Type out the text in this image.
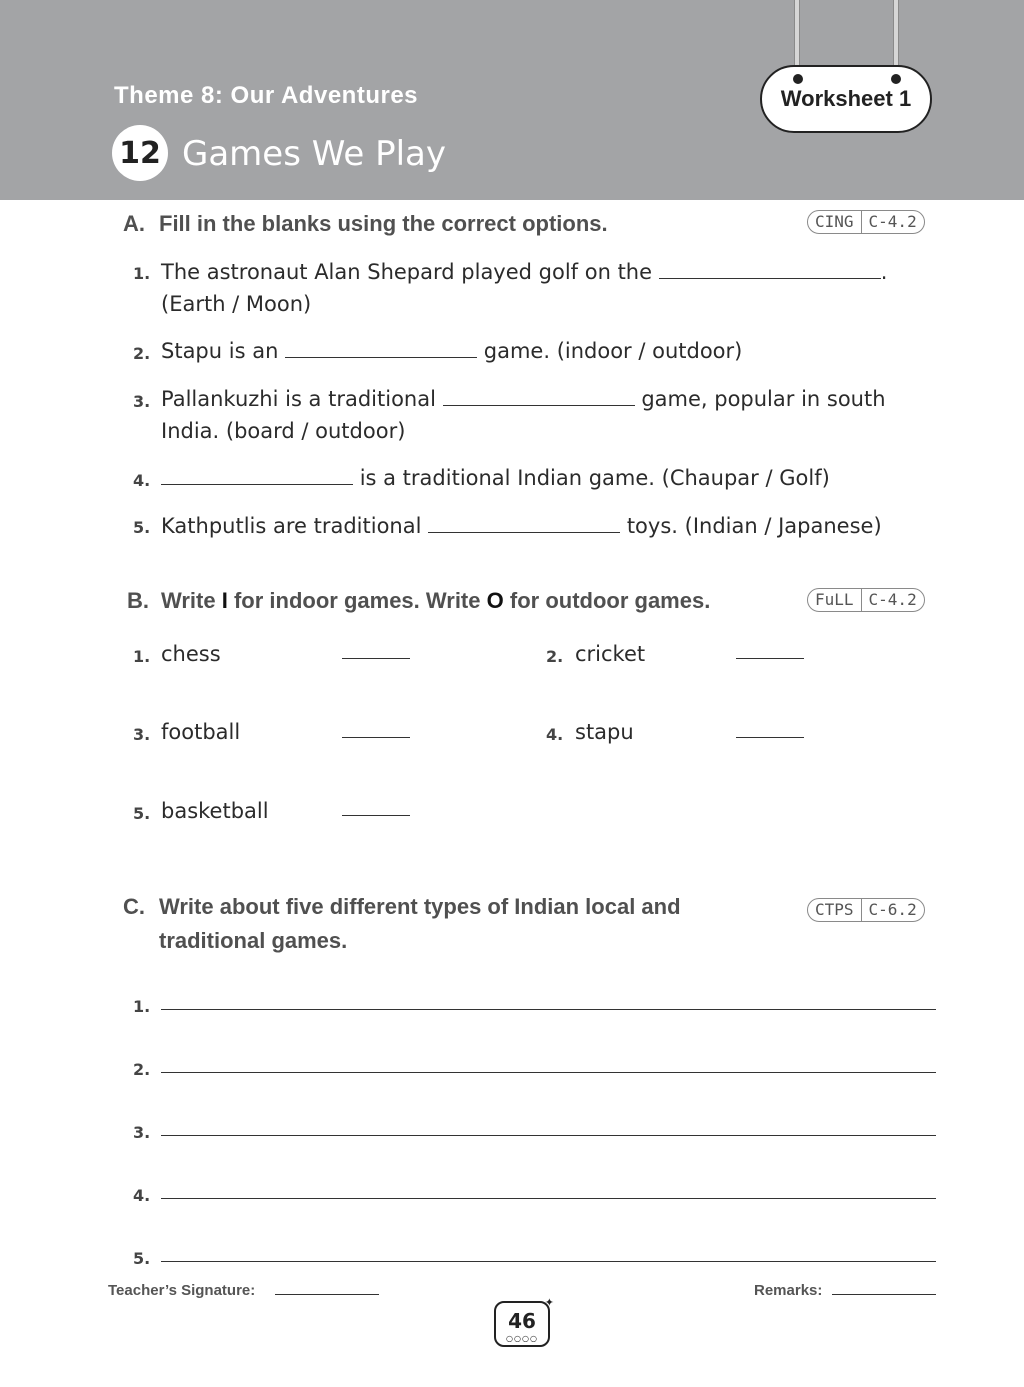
Theme 8: Our Adventures
12 Games We Play
Worksheet 1
A. Fill in the blanks using the correct options.	CING C-4.2
1. The astronaut Alan Shepard played golf on the	.
(Earth / Moon)
2. Stapu is an	game. (indoor / outdoor)
3. Pallankuzhi is a traditional	game, popular in south
India. (board / outdoor)
4.	is a traditional Indian game. (Chaupar / Golf)
5. Kathputlis are traditional	toys. (Indian / Japanese)
B. Write I for indoor games. Write O for outdoor games.	FuLL C-4.2
1. chess	2. cricket
3. football	4. stapu
5. basketball
C. Write about five different types of Indian local and
traditional games.
CTPS C-6.2
1.
2.
3.
4.
5.
Teacher’s Signature:	Remarks:
46
○○○○
✦
